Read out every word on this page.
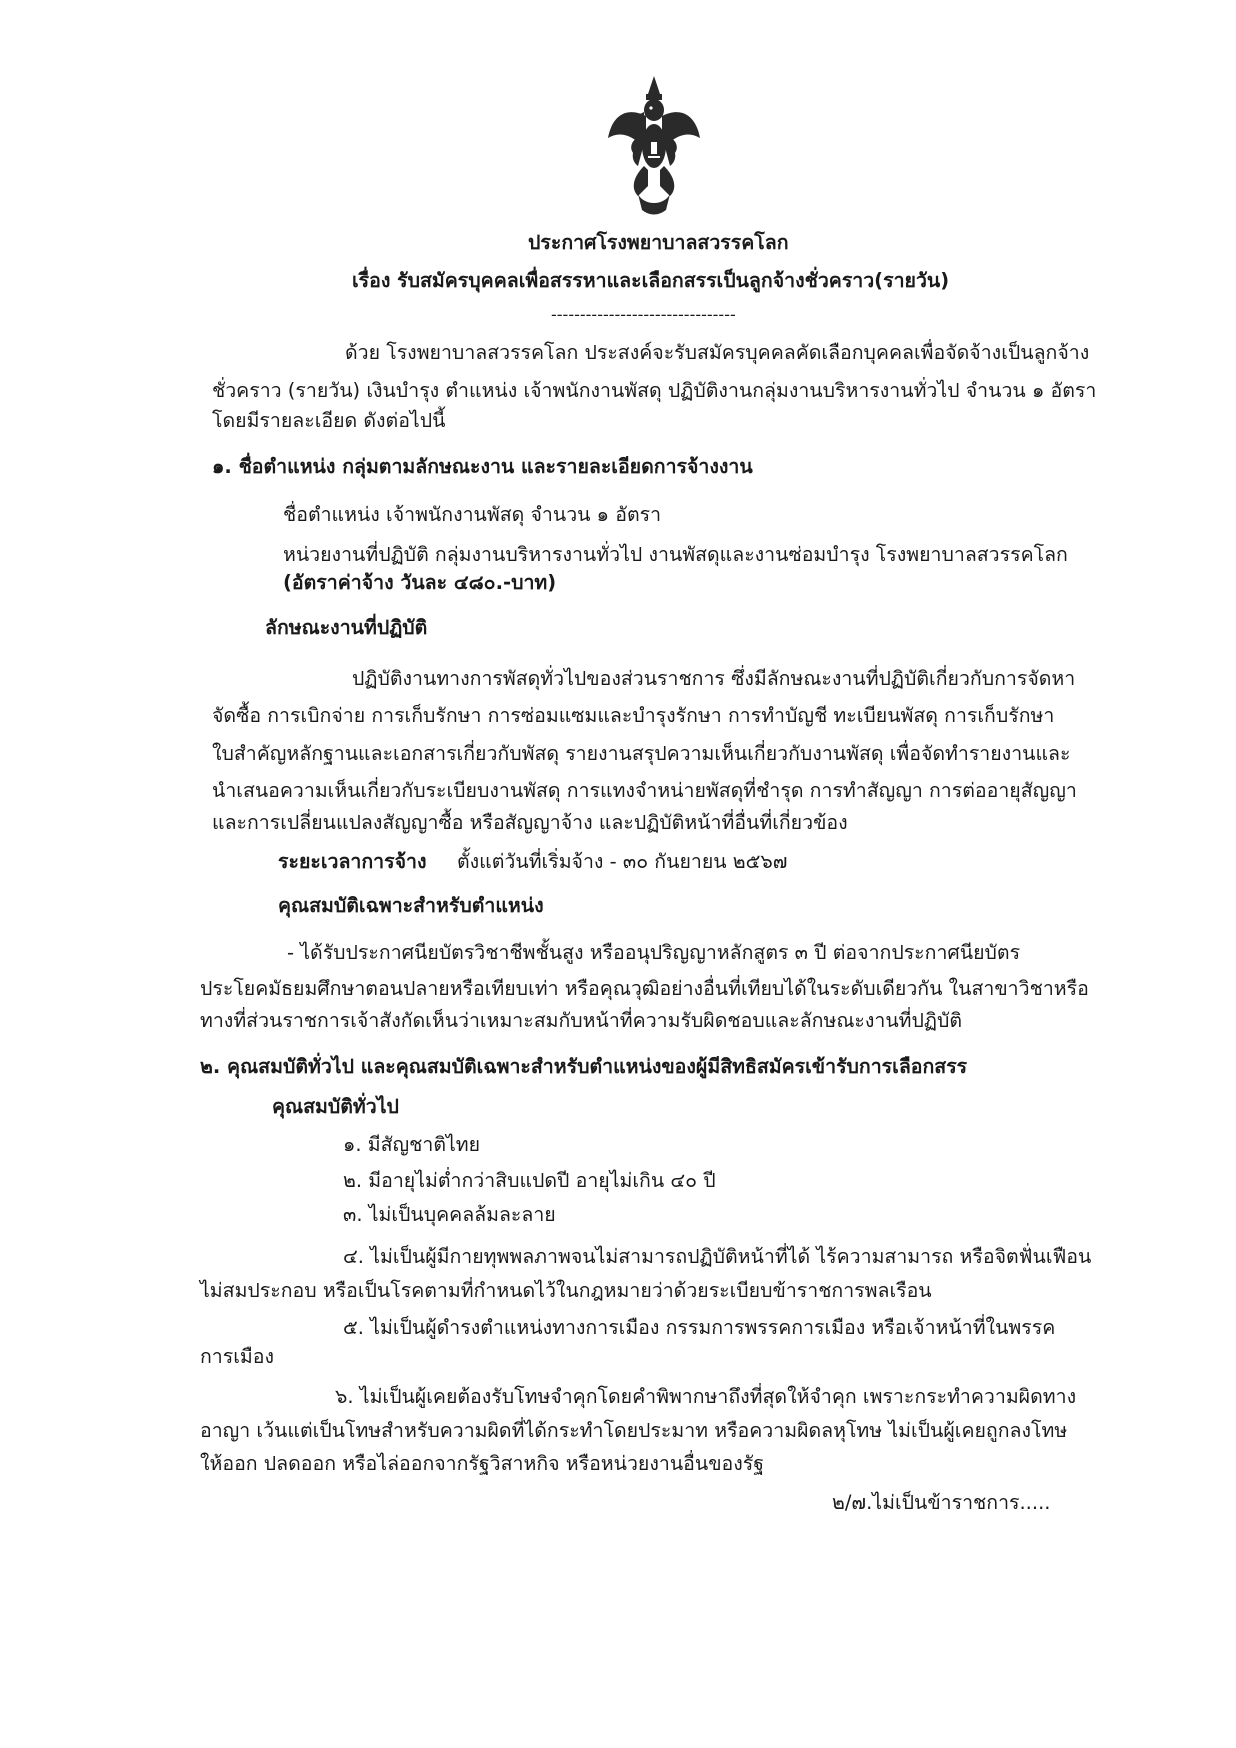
ประกาศโรงพยาบาลสวรรคโลก
เรื่อง รับสมัครบุคคลเพื่อสรรหาและเลือกสรรเป็นลูกจ้างชั่วคราว(รายวัน)
--------------------------------
ด้วย โรงพยาบาลสวรรคโลก ประสงค์จะรับสมัครบุคคลคัดเลือกบุคคลเพื่อจัดจ้างเป็นลูกจ้าง
ชั่วคราว (รายวัน) เงินบำรุง ตำแหน่ง เจ้าพนักงานพัสดุ ปฏิบัติงานกลุ่มงานบริหารงานทั่วไป จำนวน ๑ อัตรา
โดยมีรายละเอียด ดังต่อไปนี้
๑. ชื่อตำแหน่ง กลุ่มตามลักษณะงาน และรายละเอียดการจ้างงาน
ชื่อตำแหน่ง เจ้าพนักงานพัสดุ จำนวน ๑ อัตรา
หน่วยงานที่ปฏิบัติ กลุ่มงานบริหารงานทั่วไป งานพัสดุและงานซ่อมบำรุง โรงพยาบาลสวรรคโลก
(อัตราค่าจ้าง วันละ ๔๘๐.-บาท)
ลักษณะงานที่ปฏิบัติ
ปฏิบัติงานทางการพัสดุทั่วไปของส่วนราชการ ซึ่งมีลักษณะงานที่ปฏิบัติเกี่ยวกับการจัดหา
จัดซื้อ การเบิกจ่าย การเก็บรักษา การซ่อมแซมและบำรุงรักษา การทำบัญชี ทะเบียนพัสดุ การเก็บรักษา
ใบสำคัญหลักฐานและเอกสารเกี่ยวกับพัสดุ รายงานสรุปความเห็นเกี่ยวกับงานพัสดุ เพื่อจัดทำรายงานและ
นำเสนอความเห็นเกี่ยวกับระเบียบงานพัสดุ การแทงจำหน่ายพัสดุที่ชำรุด การทำสัญญา การต่ออายุสัญญา
และการเปลี่ยนแปลงสัญญาซื้อ หรือสัญญาจ้าง และปฏิบัติหน้าที่อื่นที่เกี่ยวข้อง
ระยะเวลาการจ้าง ตั้งแต่วันที่เริ่มจ้าง - ๓๐ กันยายน ๒๕๖๗
คุณสมบัติเฉพาะสำหรับตำแหน่ง
- ได้รับประกาศนียบัตรวิชาชีพชั้นสูง หรืออนุปริญญาหลักสูตร ๓ ปี ต่อจากประกาศนียบัตร
ประโยคมัธยมศึกษาตอนปลายหรือเทียบเท่า หรือคุณวุฒิอย่างอื่นที่เทียบได้ในระดับเดียวกัน ในสาขาวิชาหรือ
ทางที่ส่วนราชการเจ้าสังกัดเห็นว่าเหมาะสมกับหน้าที่ความรับผิดชอบและลักษณะงานที่ปฏิบัติ
๒. คุณสมบัติทั่วไป และคุณสมบัติเฉพาะสำหรับตำแหน่งของผู้มีสิทธิสมัครเข้ารับการเลือกสรร
คุณสมบัติทั่วไป
๑. มีสัญชาติไทย
๒. มีอายุไม่ต่ำกว่าสิบแปดปี อายุไม่เกิน ๔๐ ปี
๓. ไม่เป็นบุคคลล้มละลาย
๔. ไม่เป็นผู้มีกายทุพพลภาพจนไม่สามารถปฏิบัติหน้าที่ได้ ไร้ความสามารถ หรือจิตฟั่นเฟือน
ไม่สมประกอบ หรือเป็นโรคตามที่กำหนดไว้ในกฎหมายว่าด้วยระเบียบข้าราชการพลเรือน
๕. ไม่เป็นผู้ดำรงตำแหน่งทางการเมือง กรรมการพรรคการเมือง หรือเจ้าหน้าที่ในพรรค
การเมือง
๖. ไม่เป็นผู้เคยต้องรับโทษจำคุกโดยคำพิพากษาถึงที่สุดให้จำคุก เพราะกระทำความผิดทาง
อาญา เว้นแต่เป็นโทษสำหรับความผิดที่ได้กระทำโดยประมาท หรือความผิดลหุโทษ ไม่เป็นผู้เคยถูกลงโทษ
ให้ออก ปลดออก หรือไล่ออกจากรัฐวิสาหกิจ หรือหน่วยงานอื่นของรัฐ
๒/๗.ไม่เป็นข้าราชการ.....
